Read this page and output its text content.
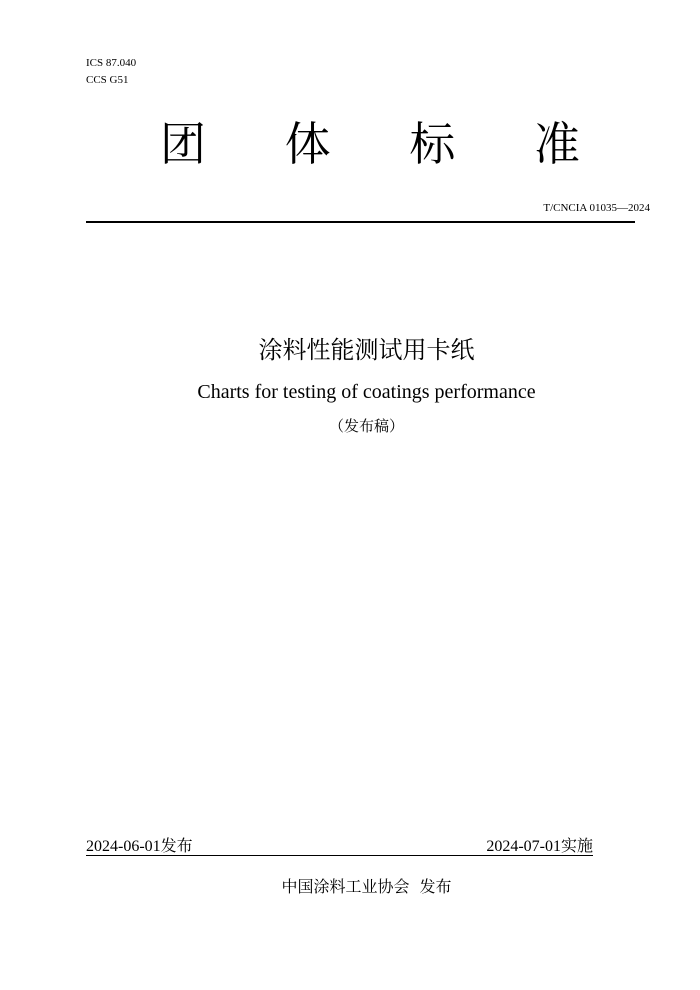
ICS 87.040
CCS G51
团 体 标 准
T/CNCIA 01035—2024
涂料性能测试用卡纸
Charts for testing of coatings performance
（发布稿）
2024-06-01发布	2024-07-01实施
中国涂料工业协会 发布
